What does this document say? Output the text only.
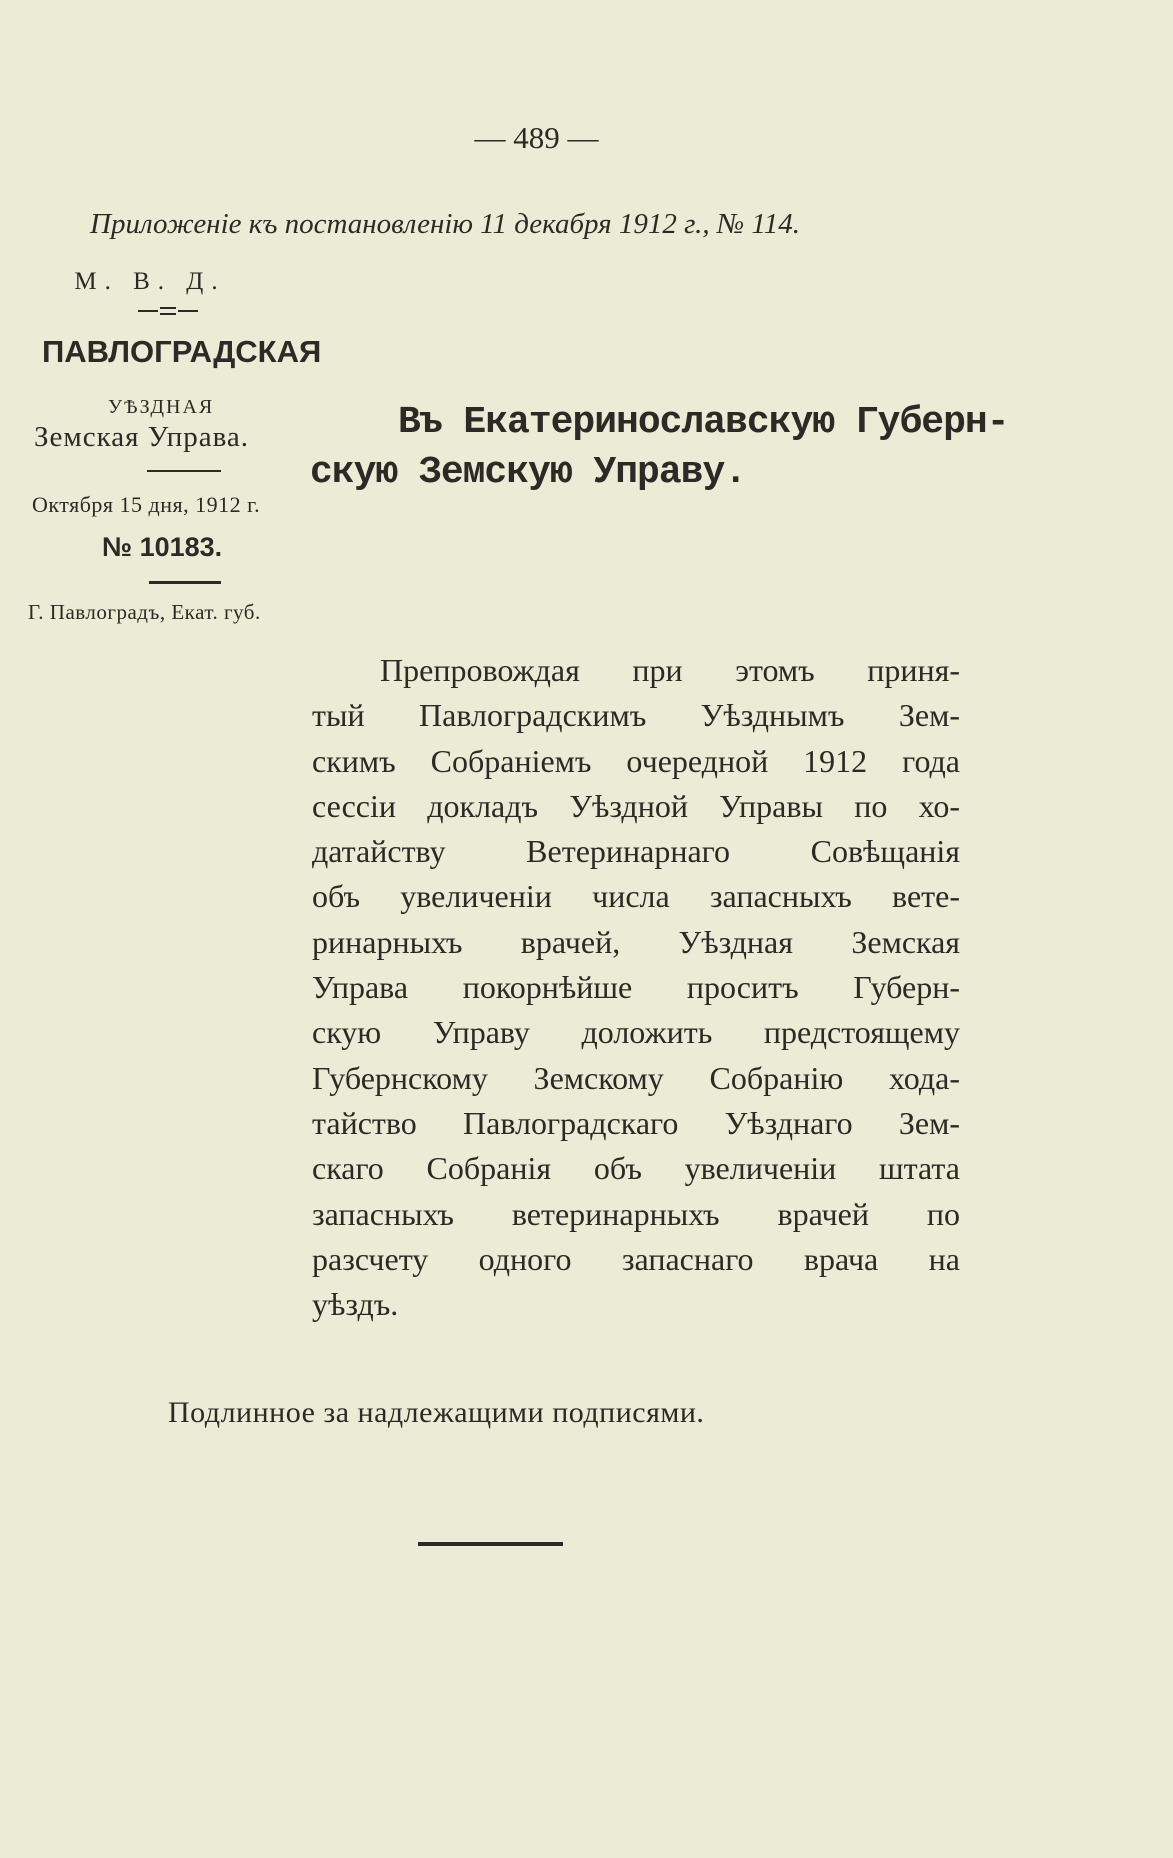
— 489 —
Приложеніе къ постановленію 11 декабря 1912 г., № 114.
М. В. Д.
ПАВЛОГРАДСКАЯ
УѢЗДНАЯ
Земская Управа.
Октября 15 дня, 1912 г.
№ 10183.
Г. Павлоградъ, Екат. губ.
Въ Екатеринославскую Губерн-
скую Земскую Управу.
Препровождая при этомъ приня-
тый Павлоградскимъ Уѣзднымъ Зем-
скимъ Собраніемъ очередной 1912 года
сессіи докладъ Уѣздной Управы по хо-
датайству Ветеринарнаго Совѣщанія
объ увеличеніи числа запасныхъ вете-
ринарныхъ врачей, Уѣздная Земская
Управа покорнѣйше проситъ Губерн-
скую Управу доложить предстоящему
Губернскому Земскому Собранію хода-
тайство Павлоградскаго Уѣзднаго Зем-
скаго Собранія объ увеличеніи штата
запасныхъ ветеринарныхъ врачей по
разсчету одного запаснаго врача на
уѣздъ.
Подлинное за надлежащими подписями.
